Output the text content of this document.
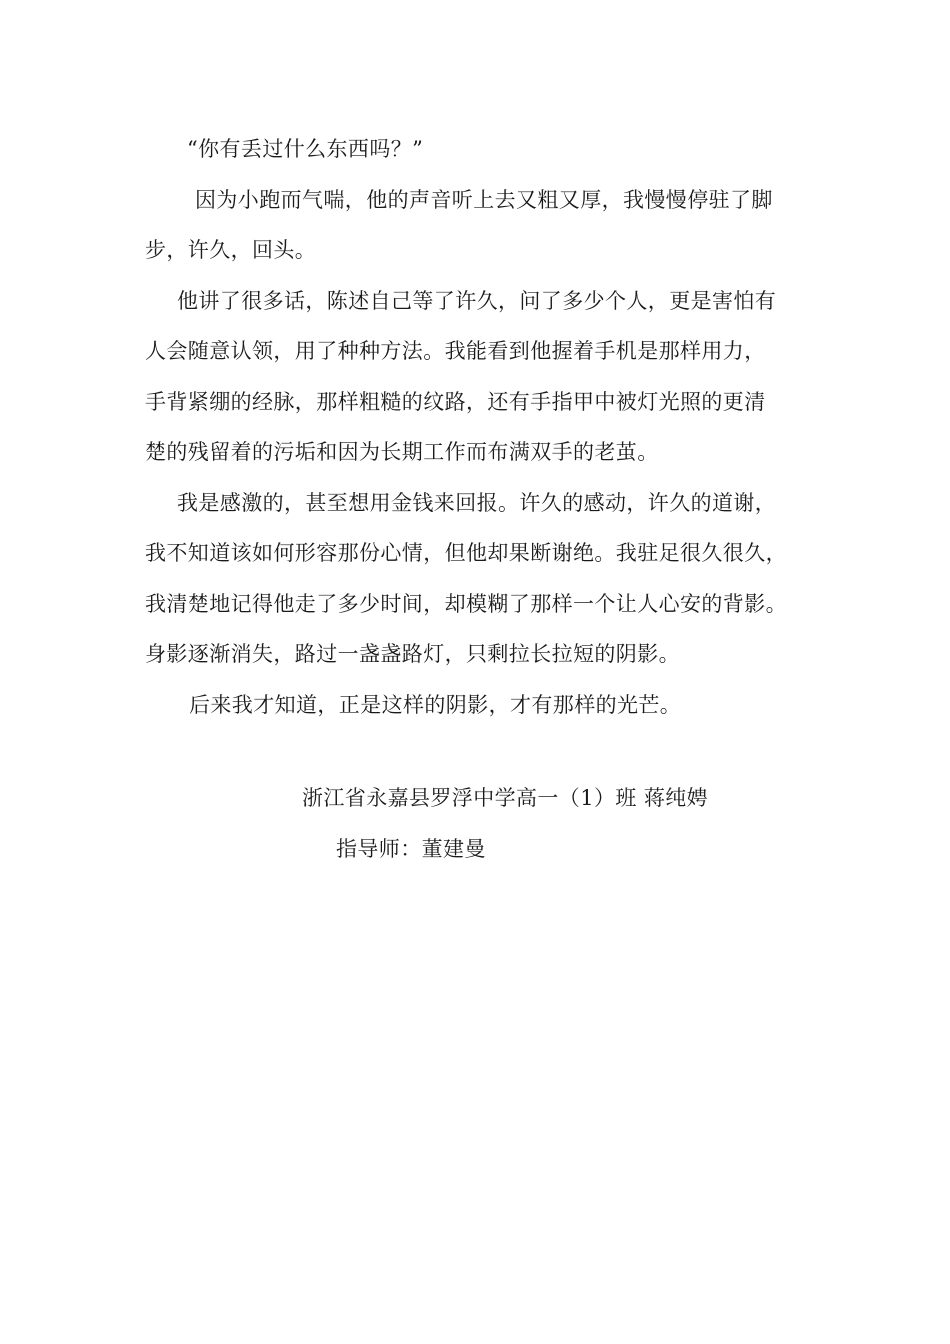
“你有丢过什么东西吗？”
因为小跑而气喘，他的声音听上去又粗又厚，我慢慢停驻了脚
步，许久，回头。
他讲了很多话，陈述自己等了许久，问了多少个人，更是害怕有
人会随意认领，用了种种方法。我能看到他握着手机是那样用力，
手背紧绷的经脉，那样粗糙的纹路，还有手指甲中被灯光照的更清
楚的残留着的污垢和因为长期工作而布满双手的老茧。
我是感激的，甚至想用金钱来回报。许久的感动，许久的道谢，
我不知道该如何形容那份心情，但他却果断谢绝。我驻足很久很久，
我清楚地记得他走了多少时间，却模糊了那样一个让人心安的背影。
身影逐渐消失，路过一盏盏路灯，只剩拉长拉短的阴影。
后来我才知道，正是这样的阴影，才有那样的光芒。
浙江省永嘉县罗浮中学高一（1）班 蒋纯娉
指导师：董建曼
